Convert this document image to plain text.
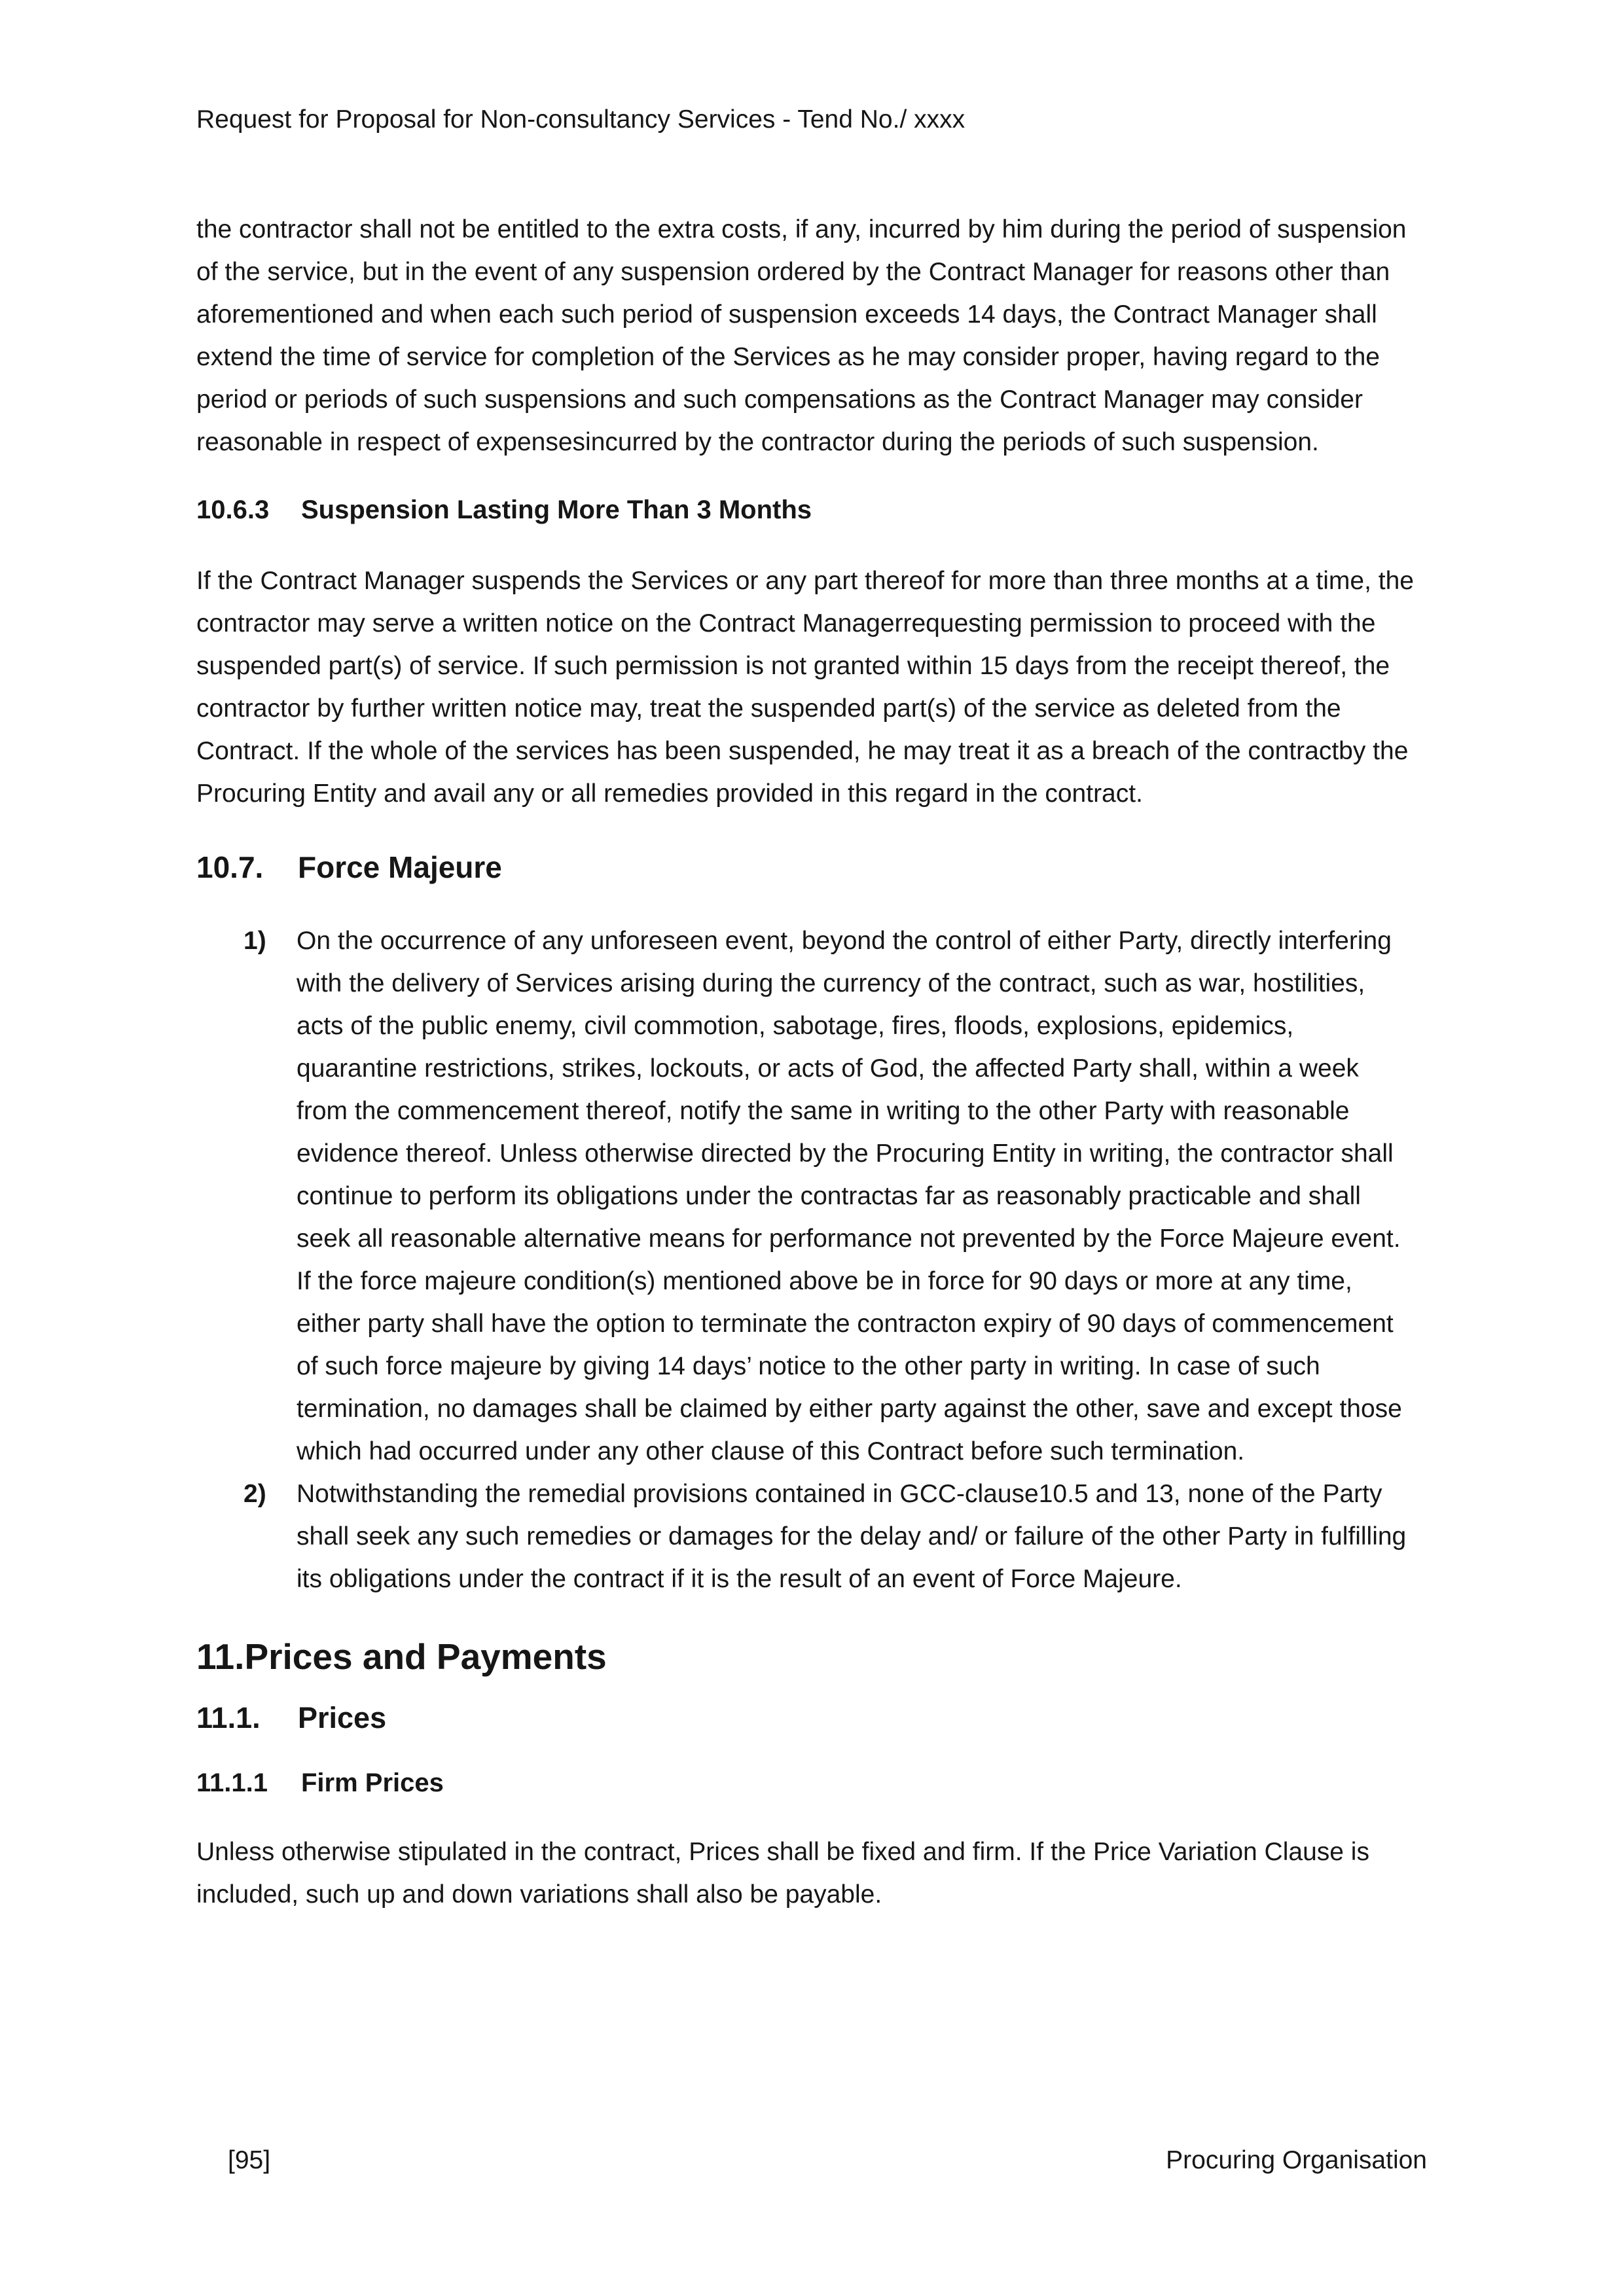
Request for Proposal for Non-consultancy Services - Tend No./ xxxx

the contractor shall not be entitled to the extra costs, if any, incurred by him during the period of suspension of the service, but in the event of any suspension ordered by the Contract Manager for reasons other than aforementioned and when each such period of suspension exceeds 14 days, the Contract Manager shall extend the time of service for completion of the Services as he may consider proper, having regard to the period or periods of such suspensions and such compensations as the Contract Manager may consider reasonable in respect of expensesincurred by the contractor during the periods of such suspension.

10.6.3	Suspension Lasting More Than 3 Months

If the Contract Manager suspends the Services or any part thereof for more than three months at a time, the contractor may serve a written notice on the Contract Managerrequesting permission to proceed with the suspended part(s) of service. If such permission is not granted within 15 days from the receipt thereof, the contractor by further written notice may, treat the suspended part(s) of the service as deleted from the Contract. If the whole of the services has been suspended, he may treat it as a breach of the contractby the Procuring Entity and avail any or all remedies provided in this regard in the contract.

10.7.	Force Majeure
1)	On the occurrence of any unforeseen event, beyond the control of either Party, directly interfering with the delivery of Services arising during the currency of the contract, such as war, hostilities, acts of the public enemy, civil commotion, sabotage, fires, floods, explosions, epidemics, quarantine restrictions, strikes, lockouts, or acts of God, the affected Party shall, within a week from the commencement thereof, notify the same in writing to the other Party with reasonable evidence thereof. Unless otherwise directed by the Procuring Entity in writing, the contractor shall continue to perform its obligations under the contractas far as reasonably practicable and shall seek all reasonable alternative means for performance not prevented by the Force Majeure event. If the force majeure condition(s) mentioned above be in force for 90 days or more at any time, either party shall have the option to terminate the contracton expiry of 90 days of commencement of such force majeure by giving 14 days’ notice to the other party in writing. In case of such termination, no damages shall be claimed by either party against the other, save and except those which had occurred under any other clause of this Contract before such termination.
2)	Notwithstanding the remedial provisions contained in GCC-clause10.5 and 13, none of the Party shall seek any such remedies or damages for the delay and/ or failure of the other Party in fulfilling its obligations under the contract if it is the result of an event of Force Majeure.
11. Prices and Payments
11.1.	Prices
11.1.1	Firm Prices

Unless otherwise stipulated in the contract, Prices shall be fixed and firm. If the Price Variation Clause is included, such up and down variations shall also be payable.

[95]	Procuring Organisation
